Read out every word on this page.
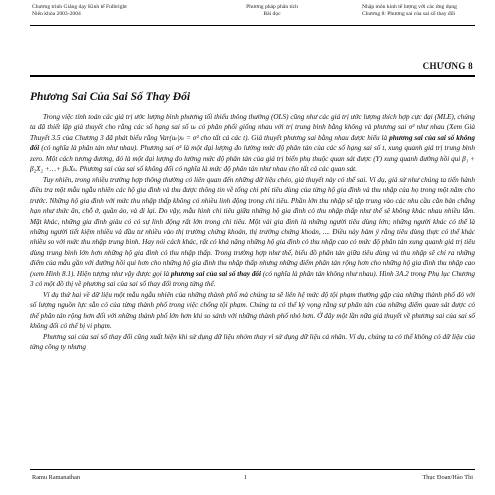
Chương trình Giảng dạy Kinh tế Fulbright
Niên khóa 2003-2004
Phương pháp phân tích
Bài đọc
Nhập môn kinh tế lượng với các ứng dụng
Chương 8: Phương sai của sai số thay đổi
CHƯƠNG 8
Phương Sai Của Sai Số Thay Đổi

Trong việc tính toán các giá trị ước lượng bình phương tối thiểu thông thường (OLS) cũng như các giá trị ước lượng thích hợp cực đại (MLE), chúng ta đã thiết lập giả thuyết cho rằng các số hạng sai số uₜ có phân phối giống nhau với trị trung bình bằng không và phương sai σ² như nhau (Xem Giả Thuyết 3.5 của Chương 3 đã phát biểu rằng Var(uₜ|xₜ = σ² cho tất cả các t). Giả thuyết phương sai bằng nhau được hiểu là phương sai của sai số không đổi (có nghĩa là phân tán như nhau). Phương sai σ² là một đại lượng đo lường mức độ phân tán của các số hạng sai số t, xung quanh giá trị trung bình zero. Một cách tương đương, đó là một đại lượng đo lường mức độ phân tán của giá trị biến phụ thuộc quan sát được (Y) xung quanh đường hồi qui β₁ + β₂X₂ +…+ βₖXₖ. Phương sai của sai số không đổi có nghĩa là mức độ phân tán như nhau cho tất cả các quan sát.

Tuy nhiên, trong nhiều trường hợp thông thường có liên quan đến những dữ liệu chéo, giả thuyết này có thể sai. Ví dụ, giả sử như chúng ta tiến hành điều tra một mẫu ngẫu nhiên các hộ gia đình và thu được thông tin về tổng chi phí tiêu dùng của từng hộ gia đình và thu nhập của họ trong một năm cho trước. Những hộ gia đình với mức thu nhập thấp không có nhiều linh động trong chi tiêu. Phần lớn thu nhập sẽ tập trung vào các nhu cầu căn bản chẳng hạn như thức ăn, chỗ ở, quần áo, và đi lại. Do vậy, mẫu hình chi tiêu giữa những hộ gia đình có thu nhập thấp như thế sẽ không khác nhau nhiều lắm. Mặt khác, những gia đình giàu có có sự linh động rất lớn trong chi tiêu. Một vài gia đình là những người tiêu dùng lớn; những người khác có thể là những người tiết kiệm nhiều và đầu tư nhiều vào thị trường chứng khoán, thị trường chứng khoán, .... Điều này hàm ý rằng tiêu dùng thực có thể khác nhiều so với mức thu nhập trung bình. Hay nói cách khác, rất có khả năng những hộ gia đình có thu nhập cao có mức độ phân tán xung quanh giá trị tiêu dùng trung bình lớn hơn những hộ gia đình có thu nhập thấp. Trong trường hợp như thế, biểu đồ phân tán giữa tiêu dùng và thu nhập sẽ chỉ ra những điểm của mẫu gần với đường hồi qui hơn cho những hộ gia đình thu nhập thấp nhưng những điểm phân tán rộng hơn cho những hộ gia đình thu nhập cao (xem Hình 8.1). Hiện tượng như vậy được gọi là phương sai của sai số thay đổi (có nghĩa là phân tán không như nhau). Hình 3A.2 trong Phụ lục Chương 3 có một đồ thị về phương sai của sai số thay đổi trong từng thể.

Ví dụ thứ hai về dữ liệu một mẫu ngẫu nhiên của những thành phố mà chúng ta sẽ liên hệ mức độ tội phạm thường gặp của những thành phố đó với số lượng nguồn lực sẵn có của từng thành phố trong việc chống tội phạm. Chúng ta có thể kỳ vọng rằng sự phân tán của những điểm quan sát được có thể phân tán rộng hơn đối với những thành phố lớn hơn khi so sánh với những thành phố nhỏ hơn. Ở đây một lần nữa giả thuyết về phương sai của sai số không đổi có thể bị vi phạm.

Phương sai của sai số thay đổi cũng xuất hiện khi sử dụng dữ liệu nhóm thay vì sử dụng dữ liệu cá nhân. Ví dụ, chúng ta có thể không có dữ liệu của từng công ty nhưng

Ramu Ramanathan	1	Thục Đoan/Hào Thi
